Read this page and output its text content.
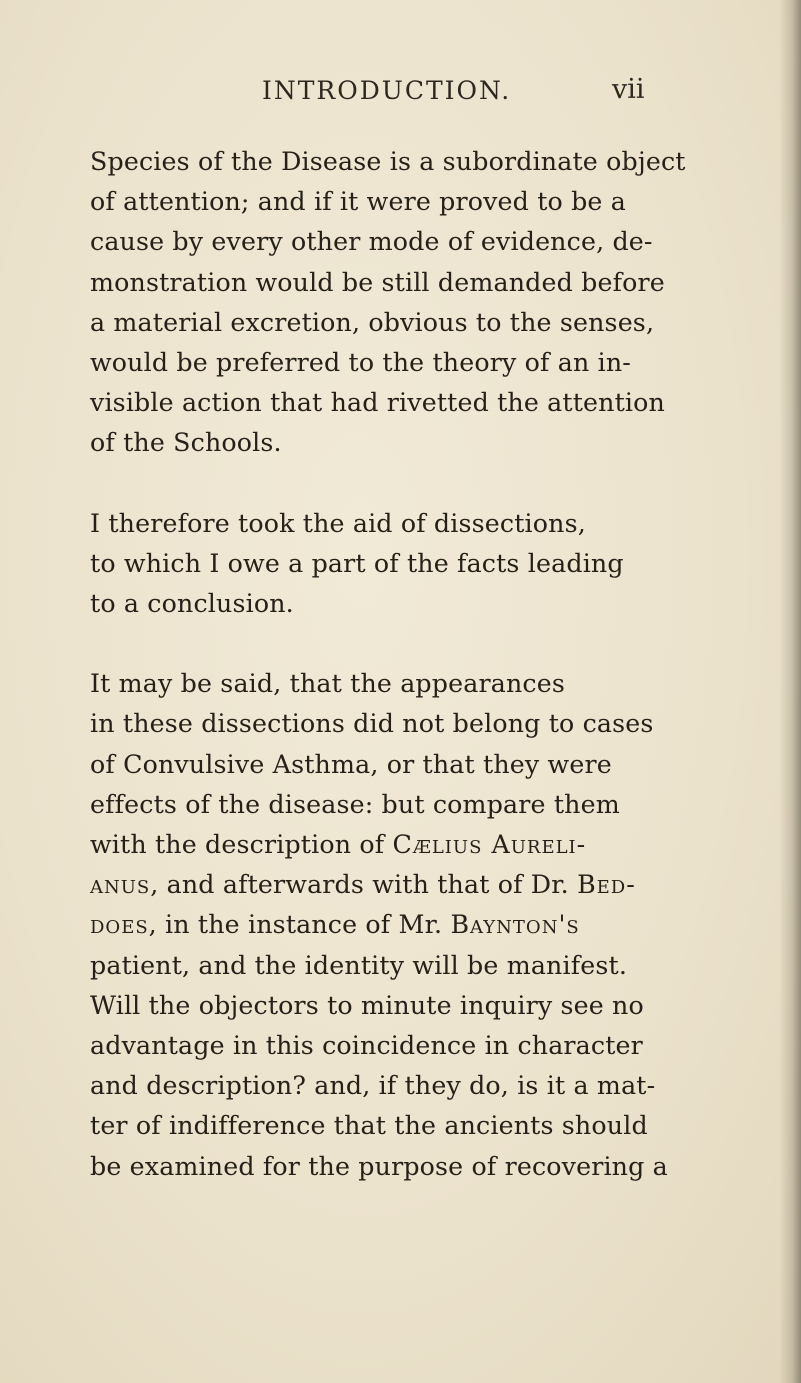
INTRODUCTION.	vii

Species of the Disease is a subordinate object
of attention; and if it were proved to be a
cause by every other mode of evidence, de-
monstration would be still demanded before
a material excretion, obvious to the senses,
would be preferred to the theory of an in-
visible action that had rivetted the attention
of the Schools.

I therefore took the aid of dissections,
to which I owe a part of the facts leading
to a conclusion.

It may be said, that the appearances
in these dissections did not belong to cases
of Convulsive Asthma, or that they were
effects of the disease: but compare them
with the description of Cælius Aureli-
anus, and afterwards with that of Dr. Bed-
does, in the instance of Mr. Baynton's
patient, and the identity will be manifest.
Will the objectors to minute inquiry see no
advantage in this coincidence in character
and description? and, if they do, is it a mat-
ter of indifference that the ancients should
be examined for the purpose of recovering a
